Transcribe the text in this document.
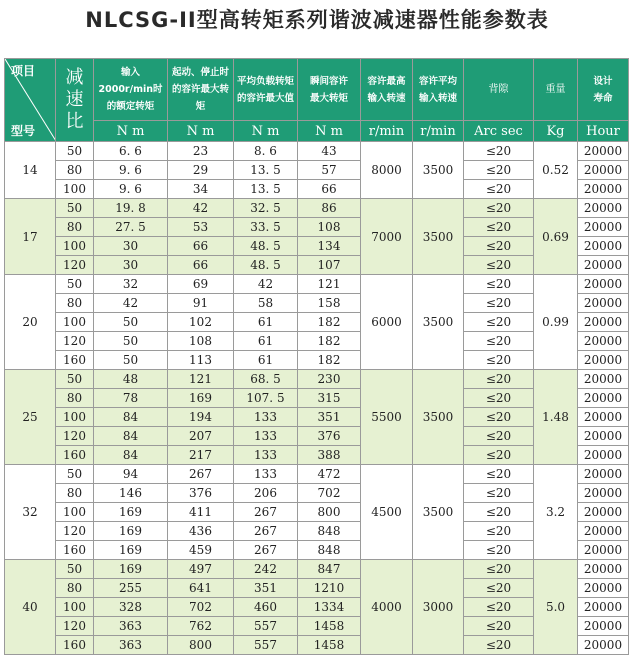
NLCSG-II型高转矩系列谐波减速器性能参数表
项目
型号	减速比	输入2000r/min时的额定转矩	起动、停止时的容许最大转矩	平均负载转矩的容许最大值	瞬间容许最大转矩	容许最高输入转速	容许平均输入转速	背隙	重量	设计寿命

		N m	N m	N m	N m	r/min	r/min	Arc sec	Kg	Hour
14	50	6. 6	23	8. 6	43	8000	3500	≤20	0.52	20000
	80	9. 6	29	13. 5	57			≤20		20000
	100	9. 6	34	13. 5	66			≤20		20000
17	50	19. 8	42	32. 5	86	7000	3500	≤20	0.69	20000
	80	27. 5	53	33. 5	108			≤20		20000
	100	30	66	48. 5	134			≤20		20000
	120	30	66	48. 5	107			≤20		20000
20	50	32	69	42	121	6000	3500	≤20	0.99	20000
	80	42	91	58	158			≤20		20000
	100	50	102	61	182			≤20		20000
	120	50	108	61	182			≤20		20000
	160	50	113	61	182			≤20		20000
25	50	48	121	68. 5	230	5500	3500	≤20	1.48	20000
	80	78	169	107. 5	315			≤20		20000
	100	84	194	133	351			≤20		20000
	120	84	207	133	376			≤20		20000
	160	84	217	133	388			≤20		20000
32	50	94	267	133	472	4500	3500	≤20	3.2	20000
	80	146	376	206	702			≤20		20000
	100	169	411	267	800			≤20		20000
	120	169	436	267	848			≤20		20000
	160	169	459	267	848			≤20		20000
40	50	169	497	242	847	4000	3000	≤20	5.0	20000
	80	255	641	351	1210			≤20		20000
	100	328	702	460	1334			≤20		20000
	120	363	762	557	1458			≤20		20000
	160	363	800	557	1458			≤20		20000
